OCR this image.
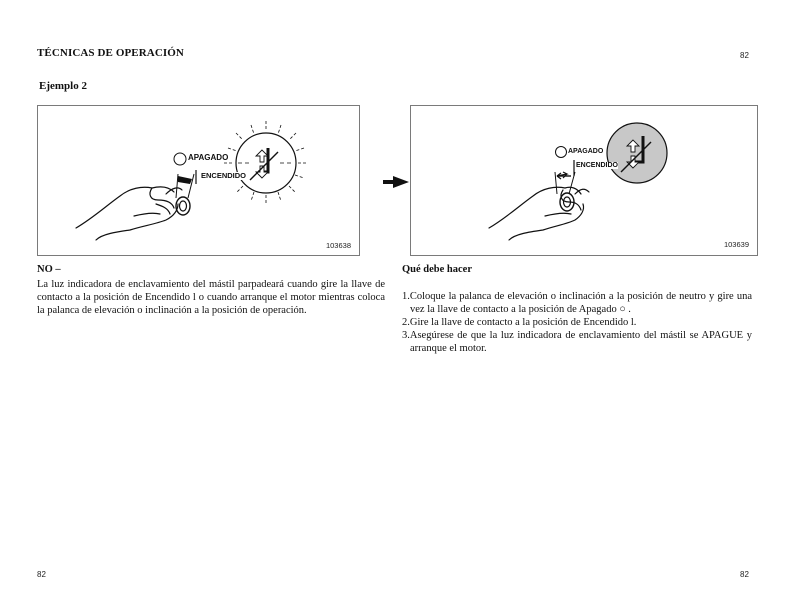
TÉCNICAS DE OPERACIÓN	82
Ejemplo 2
APAGADO
ENCENDIDO
103638
APAGADO
ENCENDIDO
103639
NO –
La luz indicadora de enclavamiento del mástil parpadeará cuando gire la llave de contacto a la posición de Encendido l o cuando arranque el motor mientras coloca la palanca de elevación o inclinación a la posición de operación.
Qué debe hacer
1.Coloque la palanca de elevación o inclinación a la posición de neutro y gire una vez la llave de contacto a la posición de Apagado ○ .
2.Gire la llave de contacto a la posición de Encendido l.
3.Asegúrese de que la luz indicadora de enclavamiento del mástil se APAGUE y arranque el motor.
82	82
